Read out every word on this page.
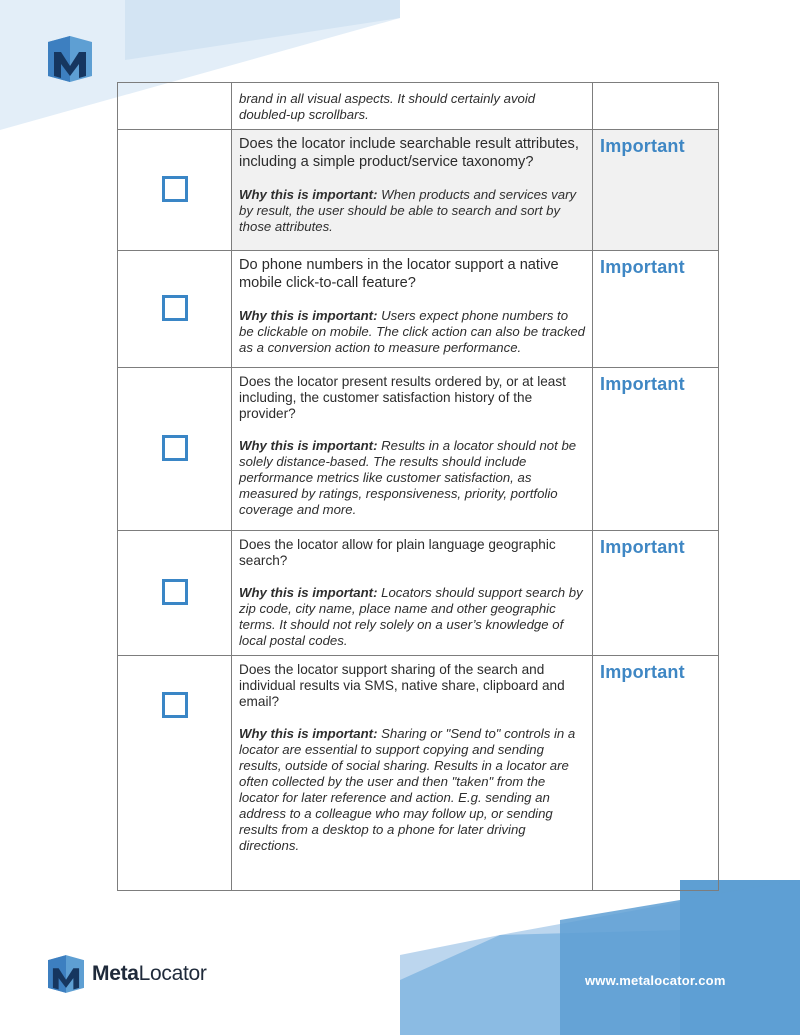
	brand in all visual aspects. It should certainly avoid doubled-up scrollbars.	

	Does the locator include searchable result attributes, including a simple product/service taxonomy?

Why this is important: When products and services vary by result, the user should be able to search and sort by those attributes.	Important

	Do phone numbers in the locator support a native mobile click-to-call feature?

Why this is important: Users expect phone numbers to be clickable on mobile. The click action can also be tracked as a conversion action to measure performance.	Important

	Does the locator present results ordered by, or at least including, the customer satisfaction history of the provider?

Why this is important: Results in a locator should not be solely distance-based. The results should include performance metrics like customer satisfaction, as measured by ratings, responsiveness, priority, portfolio coverage and more.	Important

	Does the locator allow for plain language geographic search?

Why this is important: Locators should support search by zip code, city name, place name and other geographic terms. It should not rely solely on a user’s knowledge of local postal codes.	Important

	Does the locator support sharing of the search and individual results via SMS, native share, clipboard and email?

Why this is important: Sharing or "Send to" controls in a locator are essential to support copying and sending results, outside of social sharing. Results in a locator are often collected by the user and then "taken" from the locator for later reference and action. E.g. sending an address to a colleague who may follow up, or sending results from a desktop to a phone for later driving directions.	Important
MetaLocator	www.metalocator.com
